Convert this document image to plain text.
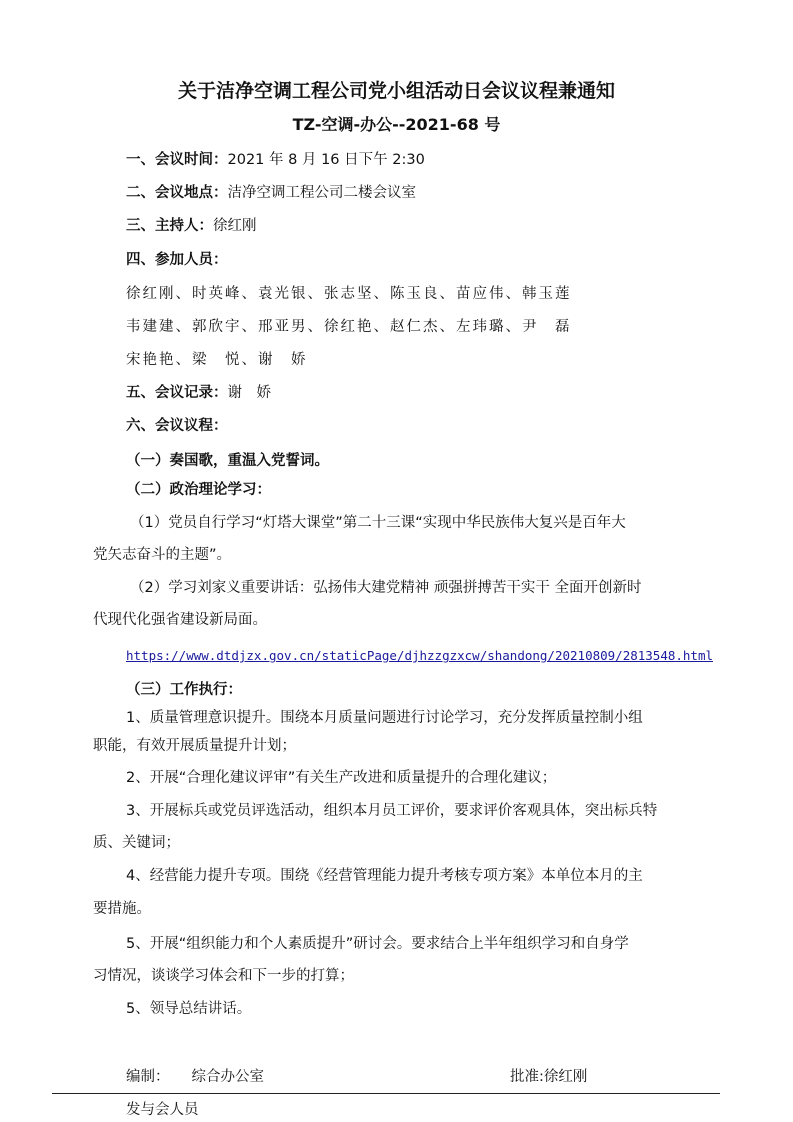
关于洁净空调工程公司党小组活动日会议议程兼通知
TZ-空调-办公--2021-68 号
一、会议时间：2021 年 8 月 16 日下午 2:30
二、会议地点：洁净空调工程公司二楼会议室
三、主持人：徐红刚
四、参加人员：
徐红刚、时英峰、袁光银、张志坚、陈玉良、苗应伟、韩玉莲
韦建建、郭欣宇、邢亚男、徐红艳、赵仁杰、左玮璐、尹　磊
宋艳艳、梁　悦、谢　娇
五、会议记录：谢　娇
六、会议议程：
（一）奏国歌，重温入党誓词。
（二）政治理论学习：
（1）党员自行学习“灯塔大课堂”第二十三课“实现中华民族伟大复兴是百年大
党矢志奋斗的主题”。
（2）学习刘家义重要讲话：弘扬伟大建党精神 顽强拼搏苦干实干 全面开创新时
代现代化强省建设新局面。
https://www.dtdjzx.gov.cn/staticPage/djhzzgzxcw/shandong/20210809/2813548.html
（三）工作执行：
1、质量管理意识提升。围绕本月质量问题进行讨论学习，充分发挥质量控制小组
职能，有效开展质量提升计划；
2、开展“合理化建议评审”有关生产改进和质量提升的合理化建议；
3、开展标兵或党员评选活动，组织本月员工评价，要求评价客观具体，突出标兵特
质、关键词；
4、经营能力提升专项。围绕《经营管理能力提升考核专项方案》本单位本月的主
要措施。
5、开展“组织能力和个人素质提升”研讨会。要求结合上半年组织学习和自身学
习情况，谈谈学习体会和下一步的打算；
5、领导总结讲话。
编制： 综合办公室	批准:徐红刚
发与会人员
